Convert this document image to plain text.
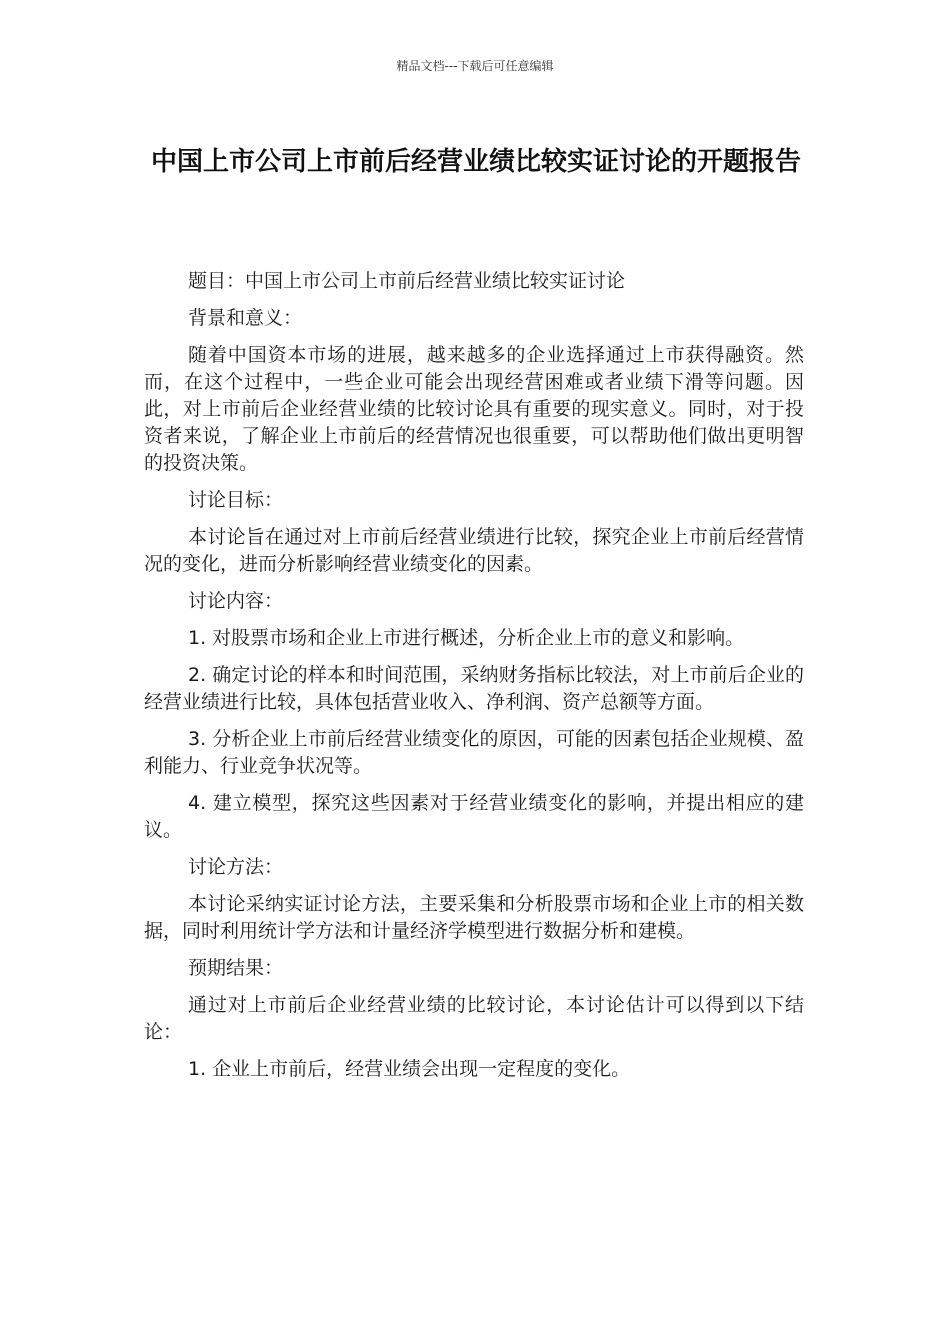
精品文档---下载后可任意编辑
中国上市公司上市前后经营业绩比较实证讨论的开题报告

题目：中国上市公司上市前后经营业绩比较实证讨论

背景和意义：

随着中国资本市场的进展，越来越多的企业选择通过上市获得融资。然而，在这个过程中，一些企业可能会出现经营困难或者业绩下滑等问题。因此，对上市前后企业经营业绩的比较讨论具有重要的现实意义。同时，对于投资者来说，了解企业上市前后的经营情况也很重要，可以帮助他们做出更明智的投资决策。

讨论目标：

本讨论旨在通过对上市前后经营业绩进行比较，探究企业上市前后经营情况的变化，进而分析影响经营业绩变化的因素。

讨论内容：

1. 对股票市场和企业上市进行概述，分析企业上市的意义和影响。

2. 确定讨论的样本和时间范围，采纳财务指标比较法，对上市前后企业的经营业绩进行比较，具体包括营业收入、净利润、资产总额等方面。

3. 分析企业上市前后经营业绩变化的原因，可能的因素包括企业规模、盈利能力、行业竞争状况等。

4. 建立模型，探究这些因素对于经营业绩变化的影响，并提出相应的建议。

讨论方法：

本讨论采纳实证讨论方法，主要采集和分析股票市场和企业上市的相关数据，同时利用统计学方法和计量经济学模型进行数据分析和建模。

预期结果：

通过对上市前后企业经营业绩的比较讨论，本讨论估计可以得到以下结论：

1. 企业上市前后，经营业绩会出现一定程度的变化。
